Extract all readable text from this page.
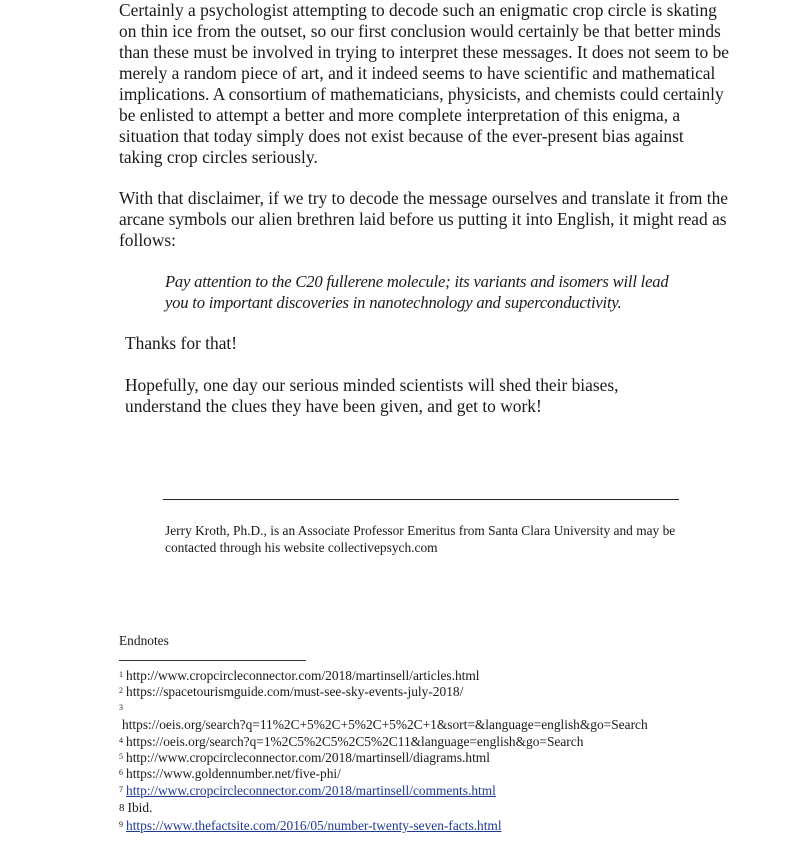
Certainly a psychologist attempting to decode such an enigmatic crop circle is skating on thin ice from the outset, so our first conclusion would certainly be that better minds than these must be involved in trying to interpret these messages. It does not seem to be merely a random piece of art, and it indeed seems to have scientific and mathematical implications. A consortium of mathematicians, physicists, and chemists could certainly be enlisted to attempt a better and more complete interpretation of this enigma, a situation that today simply does not exist because of the ever-present bias against taking crop circles seriously.

With that disclaimer, if we try to decode the message ourselves and translate it from the arcane symbols our alien brethren laid before us putting it into English, it might read as follows:

Pay attention to the C20 fullerene molecule; its variants and isomers will lead you to important discoveries in nanotechnology and superconductivity.

Thanks for that!

Hopefully, one day our serious minded scientists will shed their biases, understand the clues they have been given, and get to work!

Jerry Kroth, Ph.D., is an Associate Professor Emeritus from Santa Clara University and may be contacted through his website collectivepsych.com
Endnotes
$^1$ http://www.cropcircleconnector.com/2018/martinsell/articles.html
$^2$ https://spacetourismguide.com/must-see-sky-events-july-2018/
$^3$
https://oeis.org/search?q=11%2C+5%2C+5%2C+5%2C+1&sort=&language=english&go=Search
$^4$ https://oeis.org/search?q=1%2C5%2C5%2C5%2C11&language=english&go=Search
$^5$ http://www.cropcircleconnector.com/2018/martinsell/diagrams.html
$^6$ https://www.goldennumber.net/five-phi/
$^7$ http://www.cropcircleconnector.com/2018/martinsell/comments.html
$^8$ Ibid.
$^9$ https://www.thefactsite.com/2016/05/number-twenty-seven-facts.html
